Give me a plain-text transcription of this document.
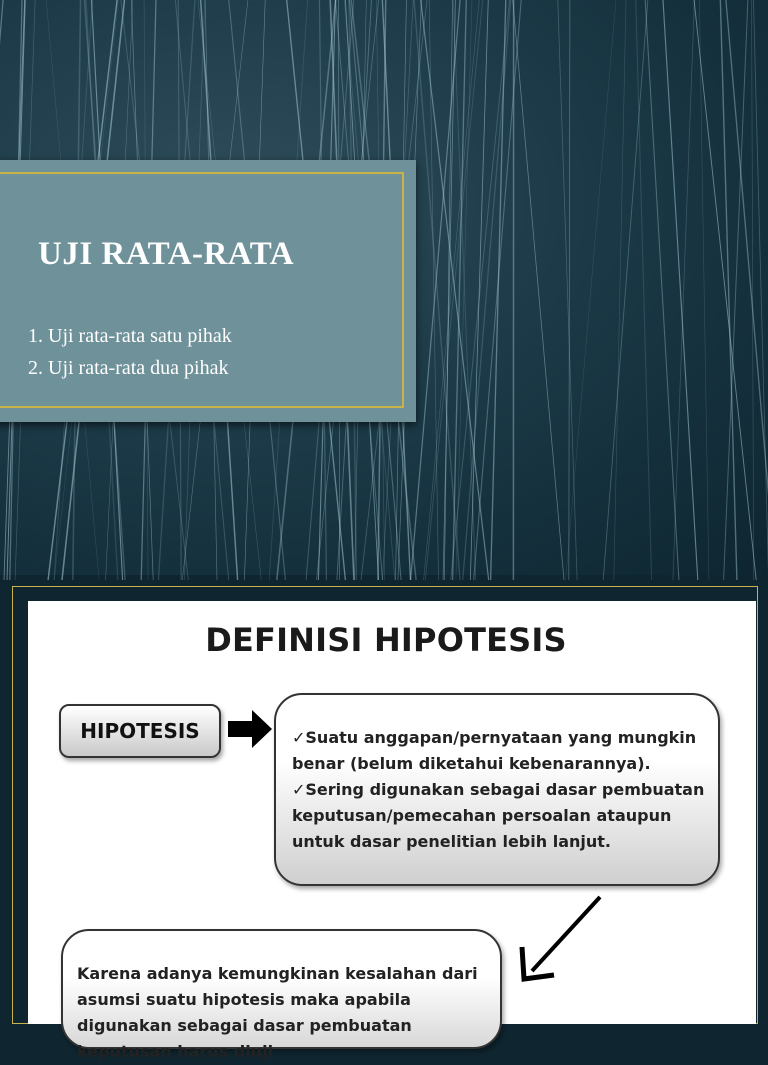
UJI RATA-RATA
1. Uji rata-rata satu pihak
2. Uji rata-rata dua pihak
DEFINISI HIPOTESIS
HIPOTESIS	✓Suatu anggapan/pernyataan yang mungkin benar (belum diketahui kebenarannya).

✓Sering digunakan sebagai dasar pembuatan keputusan/pemecahan persoalan ataupun untuk dasar penelitian lebih lanjut.

Karena adanya kemungkinan kesalahan dari asumsi suatu hipotesis maka apabila digunakan sebagai dasar pembuatan keputusan harus diuji
